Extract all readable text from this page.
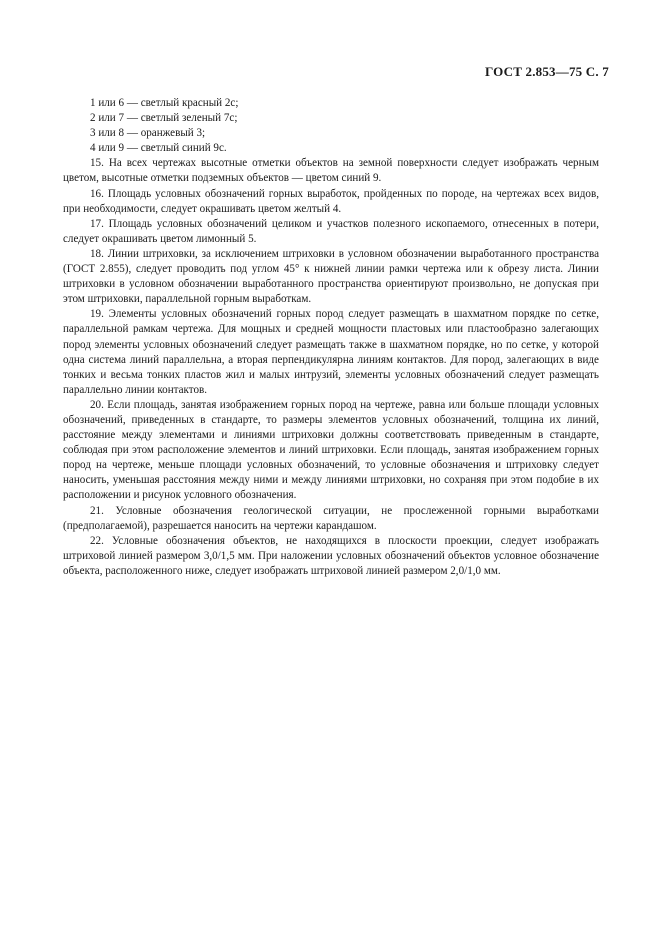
ГОСТ 2.853—75 С. 7

1 или 6 — светлый красный 2с;

2 или 7 — светлый зеленый 7с;

3 или 8 — оранжевый 3;

4 или 9 — светлый синий 9с.

15. На всех чертежах высотные отметки объектов на земной поверхности следует изображать черным цветом, высотные отметки подземных объектов — цветом синий 9.

16. Площадь условных обозначений горных выработок, пройденных по породе, на чертежах всех видов, при необходимости, следует окрашивать цветом желтый 4.

17. Площадь условных обозначений целиком и участков полезного ископаемого, отнесенных в потери, следует окрашивать цветом лимонный 5.

18. Линии штриховки, за исключением штриховки в условном обозначении выработанного пространства (ГОСТ 2.855), следует проводить под углом 45° к нижней линии рамки чертежа или к обрезу листа. Линии штриховки в условном обозначении выработанного пространства ориентируют произвольно, не допуская при этом штриховки, параллельной горным выработкам.

19. Элементы условных обозначений горных пород следует размещать в шахматном порядке по сетке, параллельной рамкам чертежа. Для мощных и средней мощности пластовых или пластообразно залегающих пород элементы условных обозначений следует размещать также в шахматном порядке, но по сетке, у которой одна система линий параллельна, а вторая перпендикулярна линиям контактов. Для пород, залегающих в виде тонких и весьма тонких пластов жил и малых интрузий, элементы условных обозначений следует размещать параллельно линии контактов.

20. Если площадь, занятая изображением горных пород на чертеже, равна или больше площади условных обозначений, приведенных в стандарте, то размеры элементов условных обозначений, толщина их линий, расстояние между элементами и линиями штриховки должны соответствовать приведенным в стандарте, соблюдая при этом расположение элементов и линий штриховки. Если площадь, занятая изображением горных пород на чертеже, меньше площади условных обозначений, то условные обозначения и штриховку следует наносить, уменьшая расстояния между ними и между линиями штриховки, но сохраняя при этом подобие в их расположении и рисунок условного обозначения.

21. Условные обозначения геологической ситуации, не прослеженной горными выработками (предполагаемой), разрешается наносить на чертежи карандашом.

22. Условные обозначения объектов, не находящихся в плоскости проекции, следует изображать штриховой линией размером 3,0/1,5 мм. При наложении условных обозначений объектов условное обозначение объекта, расположенного ниже, следует изображать штриховой линией размером 2,0/1,0 мм.
